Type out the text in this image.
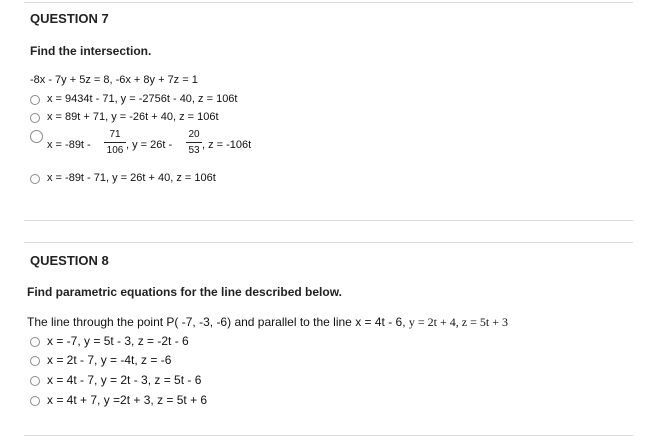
QUESTION 7
Find the intersection.
-8x - 7y + 5z = 8, -6x + 8y + 7z = 1
x = 9434t - 71, y = -2756t - 40, z = 106t
x = 89t + 71, y = -26t + 40, z = 106t
x = -89t -
71
106 , y = 26t -
20
53 , z = -106t
x = -89t - 71, y = 26t + 40, z = 106t
QUESTION 8
Find parametric equations for the line described below.
The line through the point P( -7, -3, -6) and parallel to the line x = 4t - 6, y = 2t + 4, z = 5t + 3
x = -7, y = 5t - 3, z = -2t - 6
x = 2t - 7, y = -4t, z = -6
x = 4t - 7, y = 2t - 3, z = 5t - 6
x = 4t + 7, y =2t + 3, z = 5t + 6
